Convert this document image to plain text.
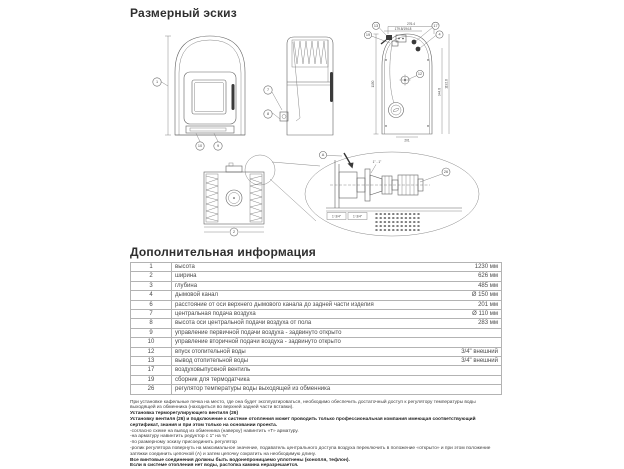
Размерный эскиз
1
10	9
7
8
276.4
179.8/194.8
1150
944.8
1192.8
201
13
19
17
4
12
2
1" - 1"
26
A
1'-3/4"	1'-3/4"
Дополнительная информация
1	высота 1230 мм

2	ширина 626 мм

3	глубина 485 мм

4	дымовой канал Ø 150 мм

6	расстояние от оси верхнего дымового канала до задней части изделия 201 мм

7	центральная подача воздуха Ø 110 мм

8	высота оси центральной подачи воздуха от пола 283 мм

9	управление первичной подачи воздуха - задвинуто открыто

10	управление вторичной подачи воздуха - задвинуто открыто

12	впуск отопительной воды 3/4" внешний

13	вывод отопительной воды 3/4" внешний

17	воздуховыпускной вентиль

19	сборник для термодатчика

26	регулятор температуры воды выходящей из обменника
При установке кафельные печка на место, где она будет эксплуатироваться, необходимо обеспечить достаточный доступ к регулятору температуры воды выходящей из обменника (находиться во верхней задней части вставки).
Установка терморегулирующего вентиля (26)
Установку вентиля (26) и подключение к системе отопления может проводить только профессиональная компания имеющая соответствующий сертификат, знания и при этом только на основании проекта.
-согласно схеме на вывод из обменника (наверху) навинтить «Т» арматуру.
-на арматуру навинтить редуктор с 1" на ¾"
-по размерному эскизу присоединить регулятор
-ролик регулятора повернуть на максимальное значение, подаватель центрального доступа воздуха переключить в положение «открыто» и при этом положение затяжки соединить цепочкой (А) и затем цепочку сократить на необходимую длину.
Все винтовые соединения должны быть водонепроницаемо уплотнены (конопля, тефлон).
Если в системе отопления нет воды, растопка камина неразрешается.
